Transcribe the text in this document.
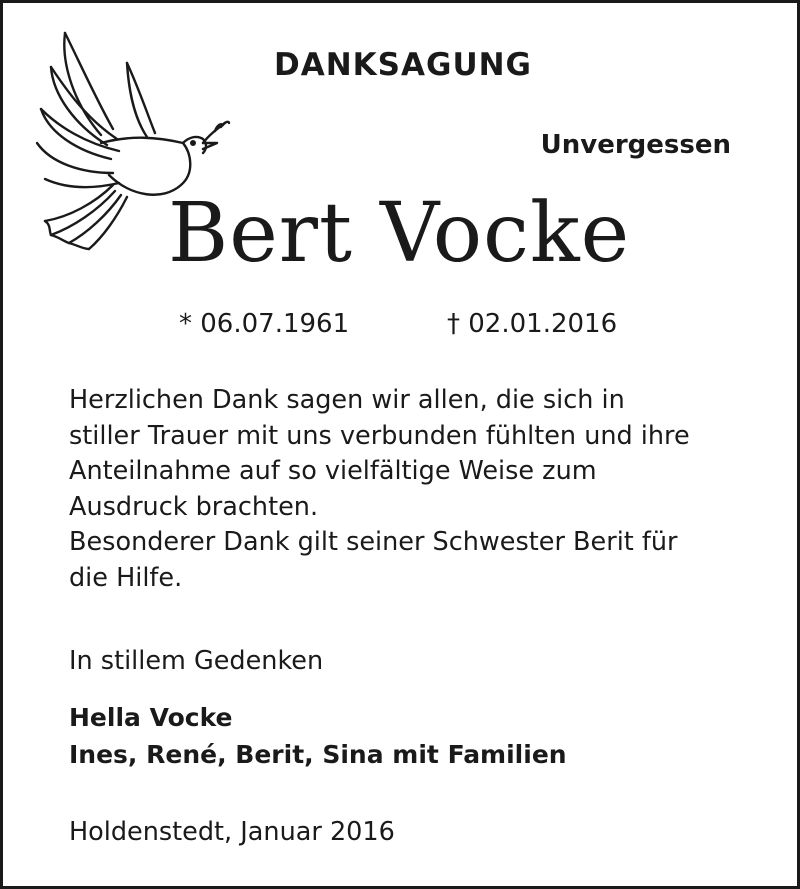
DANKSAGUNG
Unvergessen
Bert Vocke
* 06.07.1961	† 02.01.2016

Herzlichen Dank sagen wir allen, die sich in
stiller Trauer mit uns verbunden fühlten und ihre
Anteilnahme auf so vielfältige Weise zum
Ausdruck brachten.
Besonderer Dank gilt seiner Schwester Berit für
die Hilfe.

In stillem Gedenken
Hella Vocke
Ines, René, Berit, Sina mit Familien
Holdenstedt, Januar 2016
